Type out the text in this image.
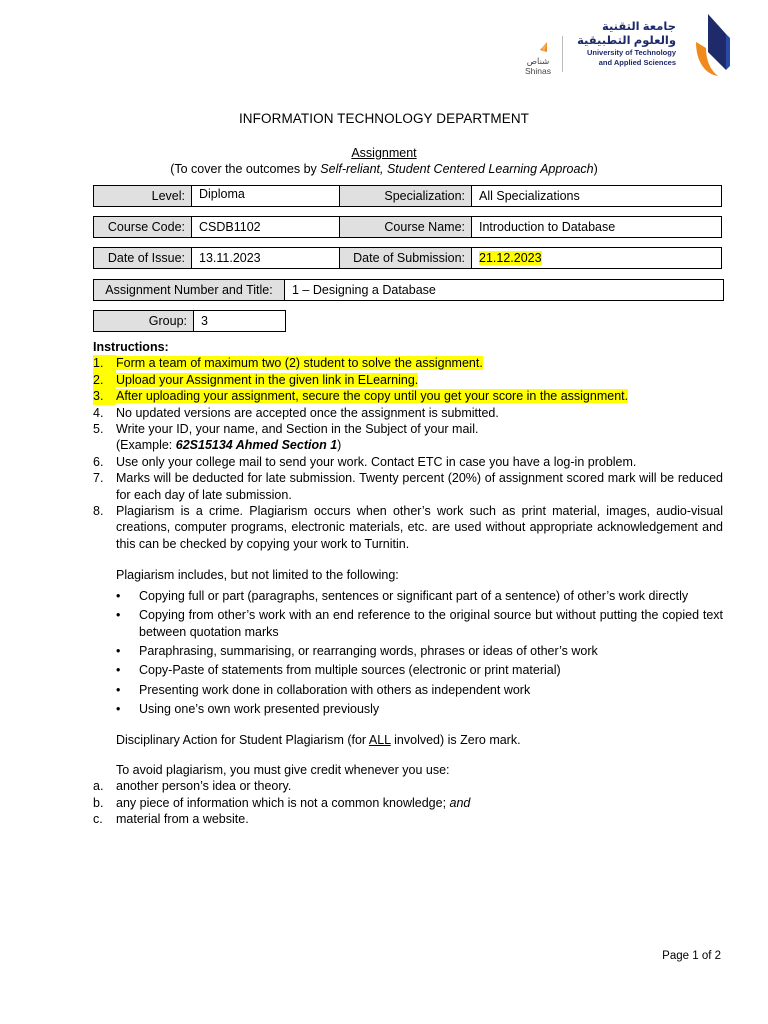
شناص
Shinas
جامعة التقنية
والعلوم التطبيقية
University of Technology
and Applied Sciences
INFORMATION TECHNOLOGY DEPARTMENT
Assignment
(To cover the outcomes by Self-reliant, Student Centered Learning Approach)
Level:	Diploma	Specialization:	All Specializations
Course Code:	CSDB1102	Course Name:	Introduction to Database
Date of Issue:	13.11.2023	Date of Submission:	21.12.2023
Assignment Number and Title:	1 – Designing a Database
Group:	3
Instructions:
1.	Form a team of maximum two (2) student to solve the assignment.
2.	Upload your Assignment in the given link in ELearning.
3.	After uploading your assignment, secure the copy until you get your score in the assignment.
4.	No updated versions are accepted once the assignment is submitted.
5.	Write your ID, your name, and Section in the Subject of your mail.
(Example: 62S15134 Ahmed Section 1)
6.	Use only your college mail to send your work. Contact ETC in case you have a log-in problem.
7.	Marks will be deducted for late submission. Twenty percent (20%) of assignment scored mark will be reduced for each day of late submission.
8.	Plagiarism is a crime. Plagiarism occurs when other’s work such as print material, images, audio-visual creations, computer programs, electronic materials, etc. are used without appropriate acknowledgement and this can be checked by copying your work to Turnitin.
Plagiarism includes, but not limited to the following:
•	Copying full or part (paragraphs, sentences or significant part of a sentence) of other’s work directly
•	Copying from other’s work with an end reference to the original source but without putting the copied text between quotation marks
•	Paraphrasing, summarising, or rearranging words, phrases or ideas of other’s work
•	Copy-Paste of statements from multiple sources (electronic or print material)
•	Presenting work done in collaboration with others as independent work
•	Using one’s own work presented previously
Disciplinary Action for Student Plagiarism (for ALL involved) is Zero mark.
To avoid plagiarism, you must give credit whenever you use:
a.	another person’s idea or theory.
b.	any piece of information which is not a common knowledge; and
c.	material from a website.
Page 1 of 2
